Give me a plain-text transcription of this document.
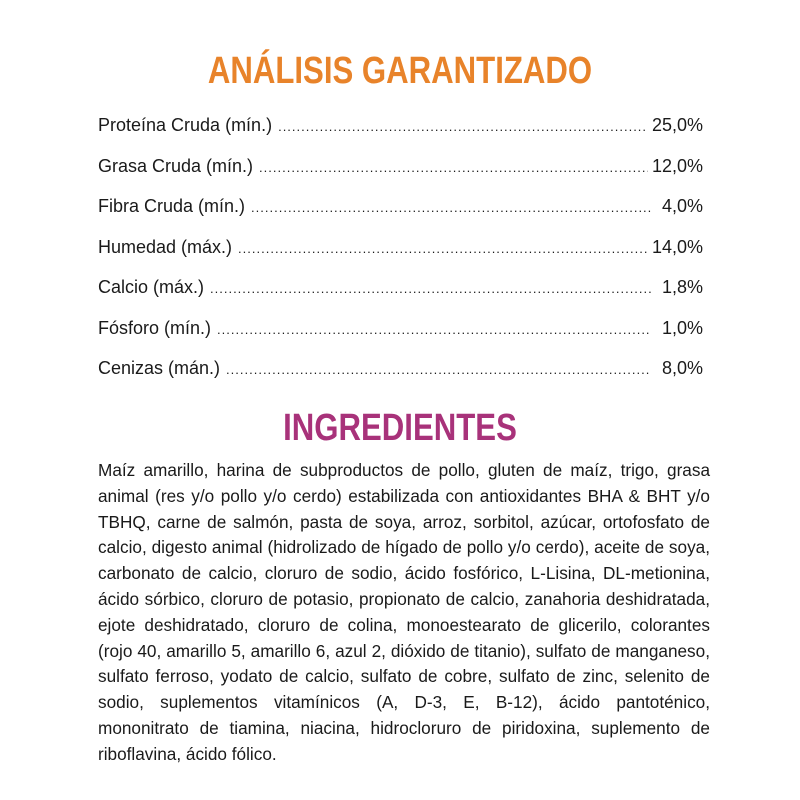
ANÁLISIS GARANTIZADO
Proteína Cruda (mín.) .....	25,0%
Grasa Cruda (mín.) .....	12,0%
Fibra Cruda (mín.) .....	4,0%
Humedad (máx.) .....	14,0%
Calcio (máx.) .....	1,8%
Fósforo (mín.) .....	1,0%
Cenizas (mán.) .....	8,0%
INGREDIENTES

Maíz amarillo, harina de subproductos de pollo, gluten de maíz, trigo, grasa animal (res y/o pollo y/o cerdo) estabilizada con antioxidantes BHA & BHT y/o TBHQ, carne de salmón, pasta de soya, arroz, sorbitol, azúcar, ortofosfato de calcio, digesto animal (hidrolizado de hígado de pollo y/o cerdo), aceite de soya, carbonato de calcio, cloruro de sodio, ácido fosfórico, L-Lisina, DL-metionina, ácido sórbico, cloruro de potasio, propionato de calcio, zanahoria deshidratada, ejote deshidratado, cloruro de colina, monoestearato de glicerilo, colorantes (rojo 40, amarillo 5, amarillo 6, azul 2, dióxido de titanio), sulfato de manganeso, sulfato ferroso, yodato de calcio, sulfato de cobre, sulfato de zinc, selenito de sodio, suplementos vitamínicos (A, D-3, E, B-12), ácido pantoténico, mononitrato de tiamina, niacina, hidrocloruro de piridoxina, suplemento de riboflavina, ácido fólico.
